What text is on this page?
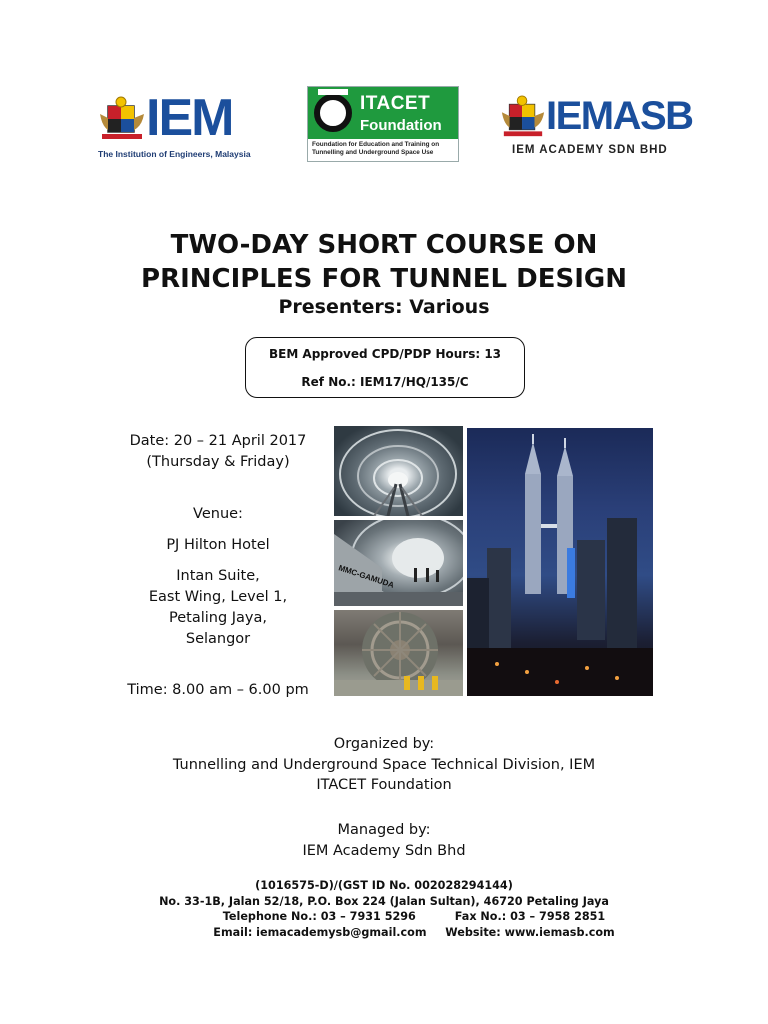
IEM
The Institution of Engineers, Malaysia
ITACET
Foundation
Foundation for Education and Training on Tunnelling and Underground Space Use
IEMASB
IEM ACADEMY SDN BHD
TWO-DAY SHORT COURSE ON
PRINCIPLES FOR TUNNEL DESIGN
Presenters: Various
BEM Approved CPD/PDP Hours: 13
Ref No.: IEM17/HQ/135/C
Date: 20 – 21 April 2017
(Thursday & Friday)
Venue:
PJ Hilton Hotel
Intan Suite,
East Wing, Level 1,
Petaling Jaya,
Selangor
Time: 8.00 am – 6.00 pm
MMC-GAMUDA
Organized by:
Tunnelling and Underground Space Technical Division, IEM
ITACET Foundation
Managed by:
IEM Academy Sdn Bhd
(1016575-D)/(GST ID No. 002028294144)
No. 33-1B, Jalan 52/18, P.O. Box 224 (Jalan Sultan), 46720 Petaling Jaya
Telephone No.: 03 – 7931 5296	Fax No.: 03 – 7958 2851
Email: iemacademysb@gmail.com Website: www.iemasb.com
